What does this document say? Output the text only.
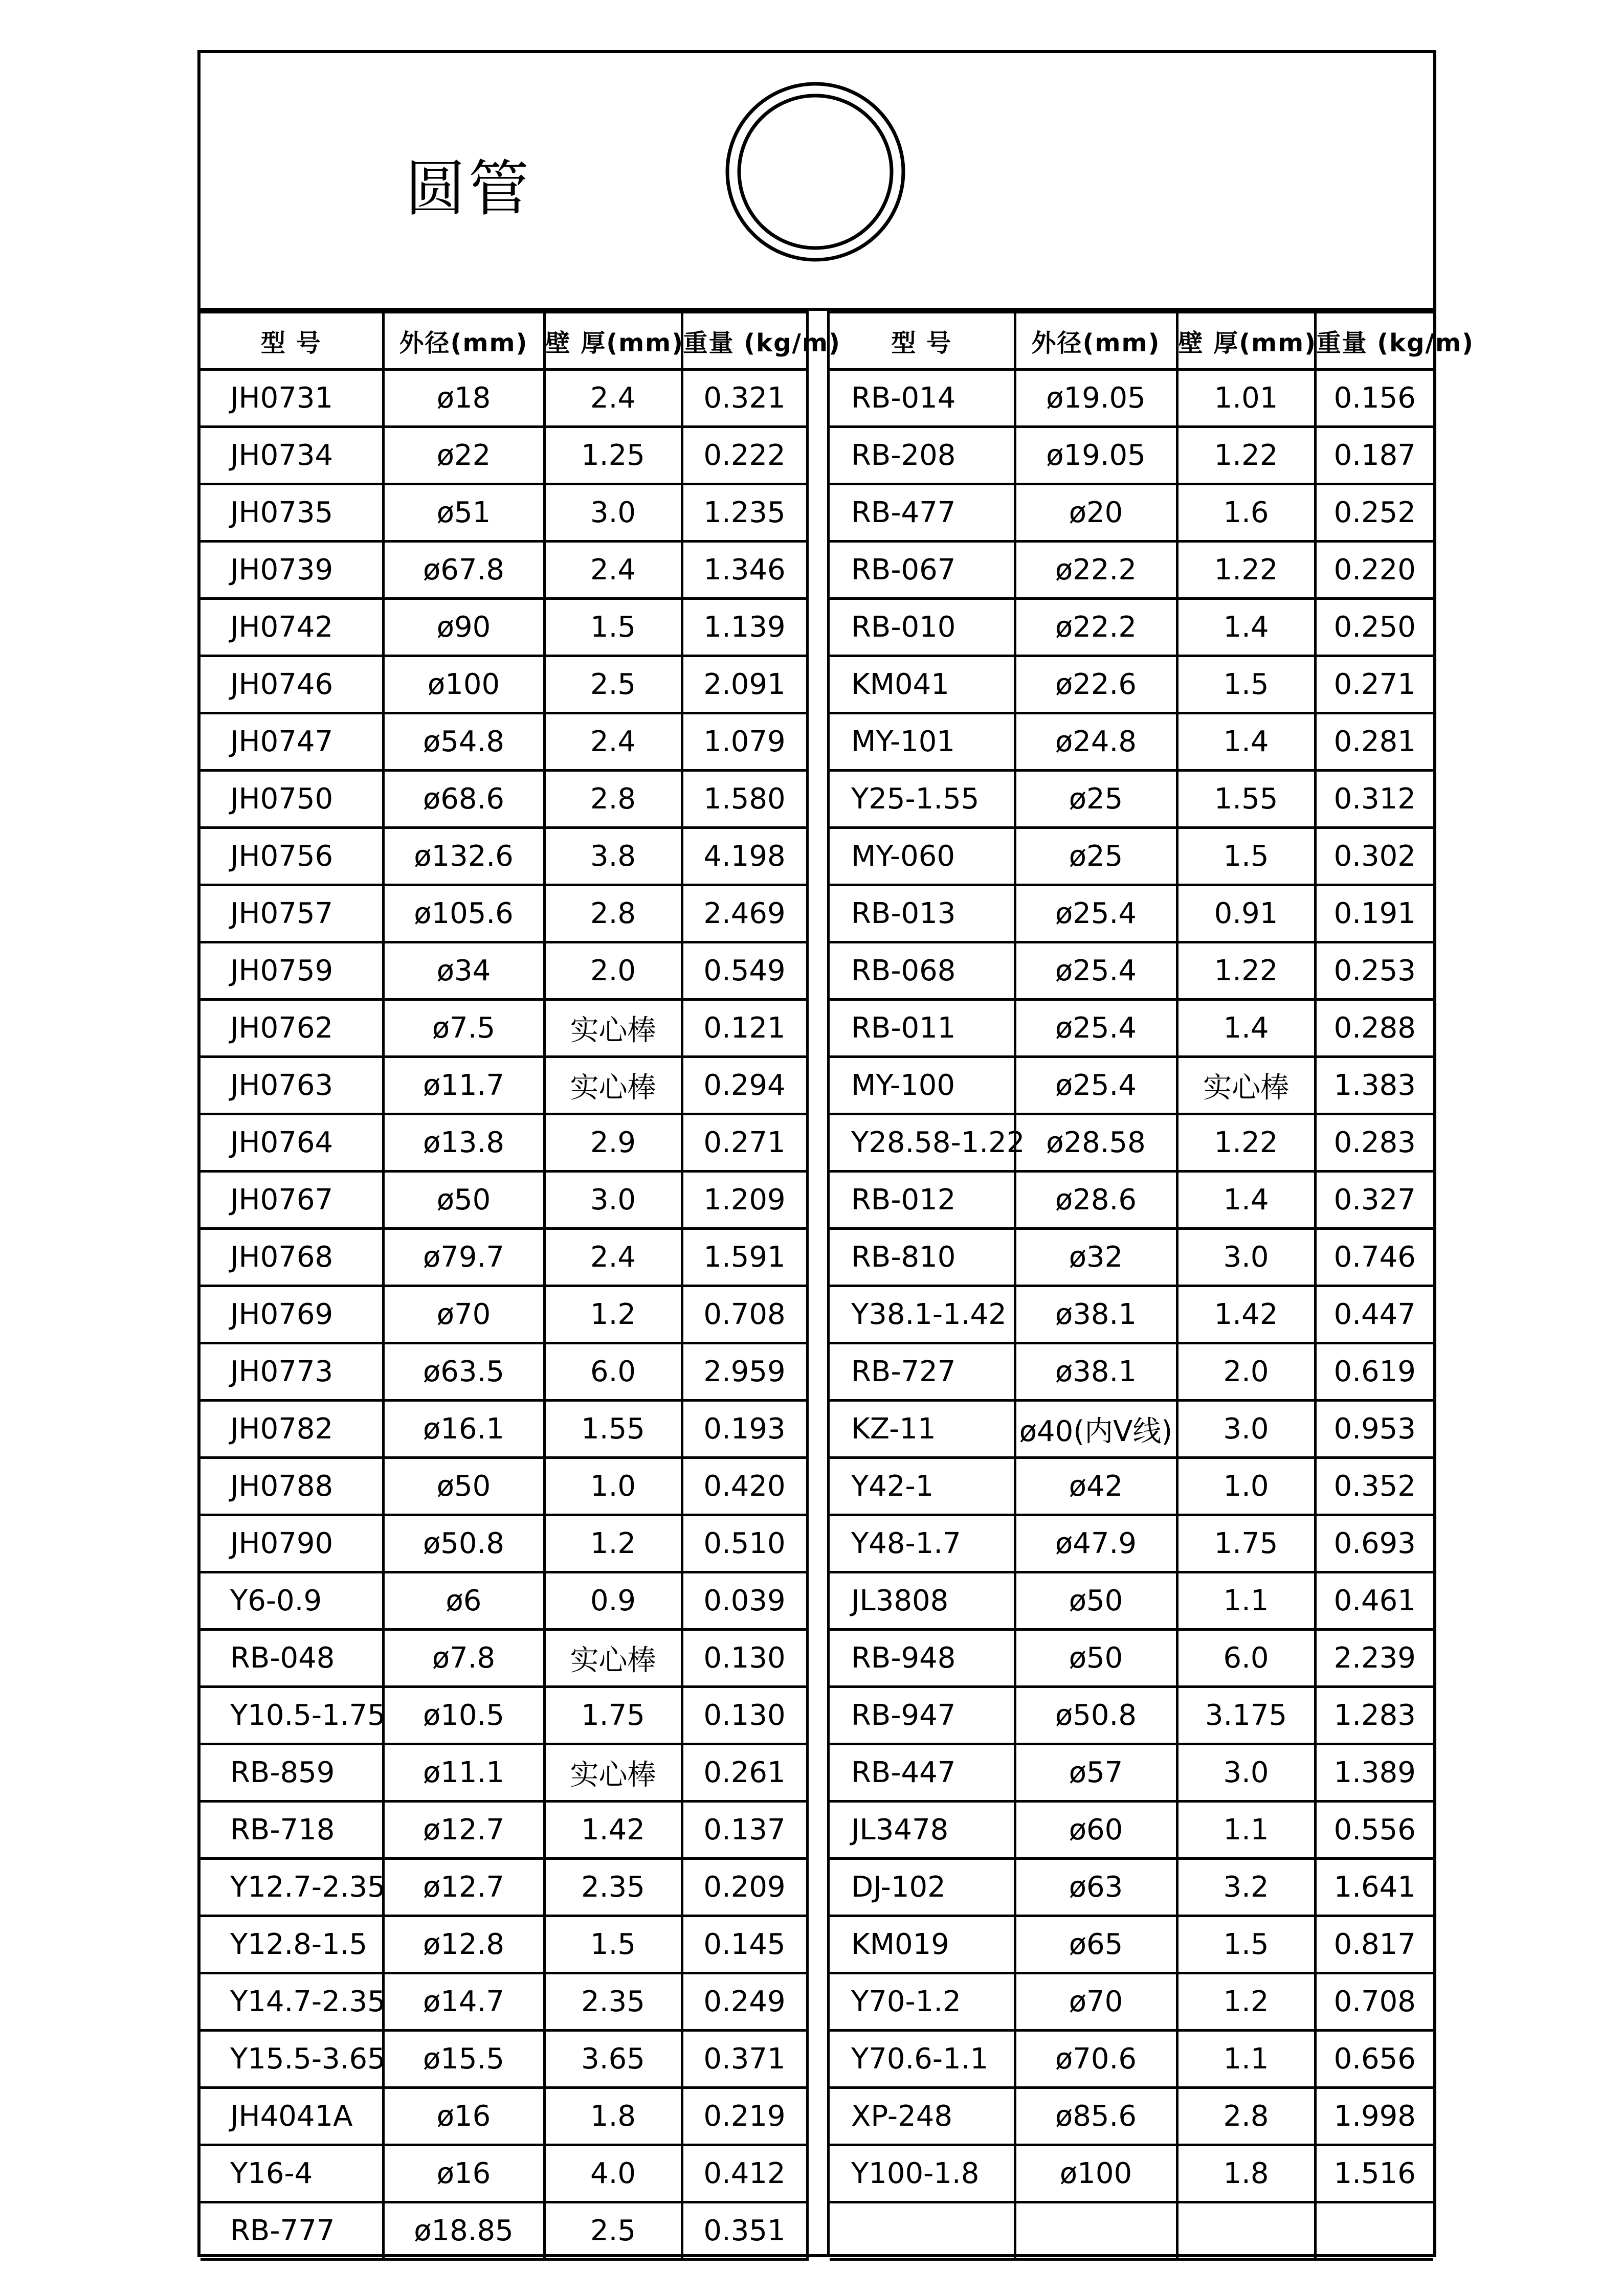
圆管
型 号	外径(mm)	壁 厚(mm)	重量 (kg/m)
JH0731	ø18	2.4	0.321
JH0734	ø22	1.25	0.222
JH0735	ø51	3.0	1.235
JH0739	ø67.8	2.4	1.346
JH0742	ø90	1.5	1.139
JH0746	ø100	2.5	2.091
JH0747	ø54.8	2.4	1.079
JH0750	ø68.6	2.8	1.580
JH0756	ø132.6	3.8	4.198
JH0757	ø105.6	2.8	2.469
JH0759	ø34	2.0	0.549
JH0762	ø7.5	实心棒	0.121
JH0763	ø11.7	实心棒	0.294
JH0764	ø13.8	2.9	0.271
JH0767	ø50	3.0	1.209
JH0768	ø79.7	2.4	1.591
JH0769	ø70	1.2	0.708
JH0773	ø63.5	6.0	2.959
JH0782	ø16.1	1.55	0.193
JH0788	ø50	1.0	0.420
JH0790	ø50.8	1.2	0.510
Y6-0.9	ø6	0.9	0.039
RB-048	ø7.8	实心棒	0.130
Y10.5-1.75	ø10.5	1.75	0.130
RB-859	ø11.1	实心棒	0.261
RB-718	ø12.7	1.42	0.137
Y12.7-2.35	ø12.7	2.35	0.209
Y12.8-1.5	ø12.8	1.5	0.145
Y14.7-2.35	ø14.7	2.35	0.249
Y15.5-3.65	ø15.5	3.65	0.371
JH4041A	ø16	1.8	0.219
Y16-4	ø16	4.0	0.412
RB-777	ø18.85	2.5	0.351
型 号	外径(mm)	壁 厚(mm)	重量 (kg/m)
RB-014	ø19.05	1.01	0.156
RB-208	ø19.05	1.22	0.187
RB-477	ø20	1.6	0.252
RB-067	ø22.2	1.22	0.220
RB-010	ø22.2	1.4	0.250
KM041	ø22.6	1.5	0.271
MY-101	ø24.8	1.4	0.281
Y25-1.55	ø25	1.55	0.312
MY-060	ø25	1.5	0.302
RB-013	ø25.4	0.91	0.191
RB-068	ø25.4	1.22	0.253
RB-011	ø25.4	1.4	0.288
MY-100	ø25.4	实心棒	1.383
Y28.58-1.22	ø28.58	1.22	0.283
RB-012	ø28.6	1.4	0.327
RB-810	ø32	3.0	0.746
Y38.1-1.42	ø38.1	1.42	0.447
RB-727	ø38.1	2.0	0.619
KZ-11	ø40(内V线)	3.0	0.953
Y42-1	ø42	1.0	0.352
Y48-1.7	ø47.9	1.75	0.693
JL3808	ø50	1.1	0.461
RB-948	ø50	6.0	2.239
RB-947	ø50.8	3.175	1.283
RB-447	ø57	3.0	1.389
JL3478	ø60	1.1	0.556
DJ-102	ø63	3.2	1.641
KM019	ø65	1.5	0.817
Y70-1.2	ø70	1.2	0.708
Y70.6-1.1	ø70.6	1.1	0.656
XP-248	ø85.6	2.8	1.998
Y100-1.8	ø100	1.8	1.516
